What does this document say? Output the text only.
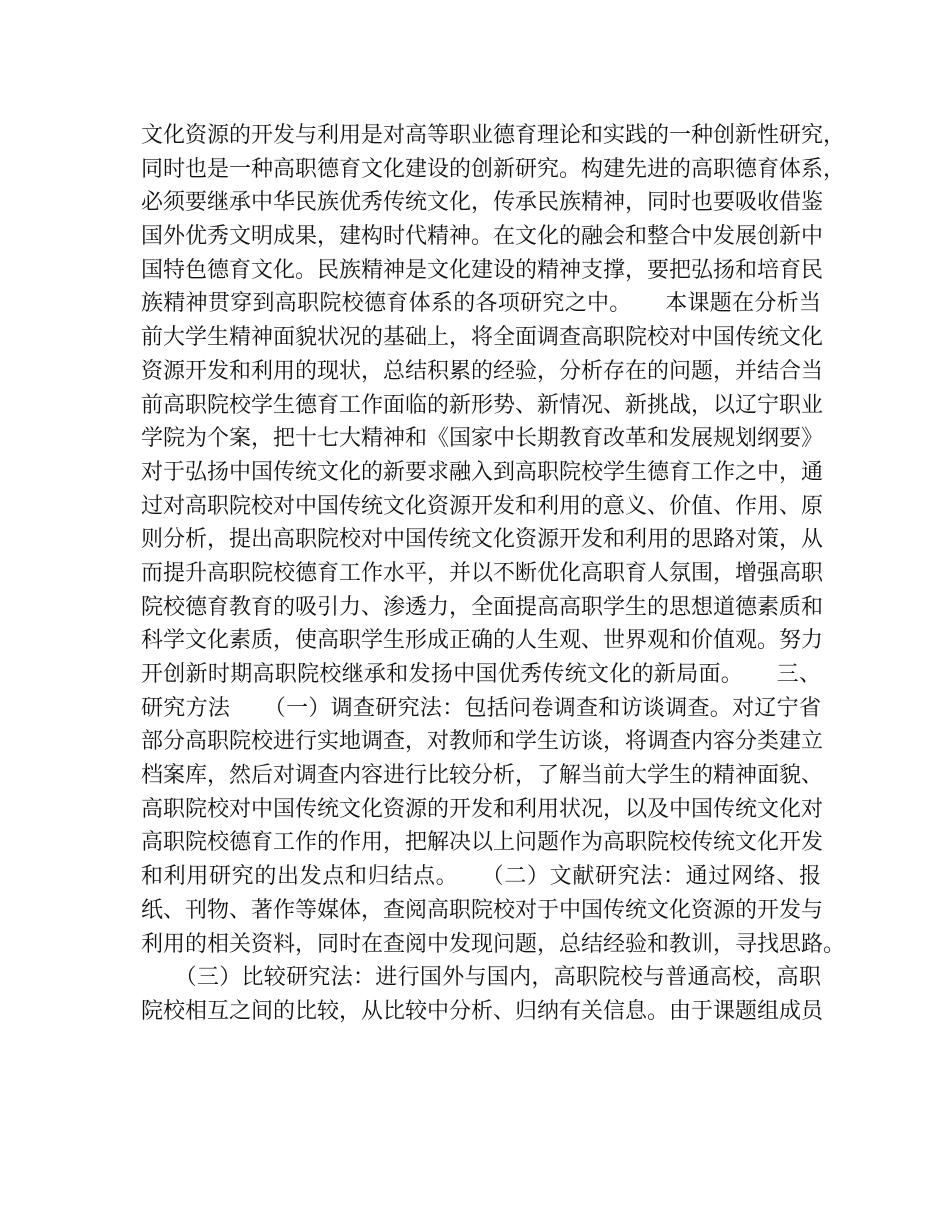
文化资源的开发与利用是对高等职业德育理论和实践的一种创新性研究，
同时也是一种高职德育文化建设的创新研究。构建先进的高职德育体系，
必须要继承中华民族优秀传统文化，传承民族精神，同时也要吸收借鉴
国外优秀文明成果，建构时代精神。在文化的融会和整合中发展创新中
国特色德育文化。民族精神是文化建设的精神支撑，要把弘扬和培育民
族精神贯穿到高职院校德育体系的各项研究之中。　　本课题在分析当
前大学生精神面貌状况的基础上，将全面调查高职院校对中国传统文化
资源开发和利用的现状，总结积累的经验，分析存在的问题，并结合当
前高职院校学生德育工作面临的新形势、新情况、新挑战，以辽宁职业
学院为个案，把十七大精神和《国家中长期教育改革和发展规划纲要》
对于弘扬中国传统文化的新要求融入到高职院校学生德育工作之中，通
过对高职院校对中国传统文化资源开发和利用的意义、价值、作用、原
则分析，提出高职院校对中国传统文化资源开发和利用的思路对策，从
而提升高职院校德育工作水平，并以不断优化高职育人氛围，增强高职
院校德育教育的吸引力、渗透力，全面提高高职学生的思想道德素质和
科学文化素质，使高职学生形成正确的人生观、世界观和价值观。努力
开创新时期高职院校继承和发扬中国优秀传统文化的新局面。　　三、
研究方法　　（一）调查研究法：包括问卷调查和访谈调查。对辽宁省
部分高职院校进行实地调查，对教师和学生访谈，将调查内容分类建立
档案库，然后对调查内容进行比较分析，了解当前大学生的精神面貌、
高职院校对中国传统文化资源的开发和利用状况，以及中国传统文化对
高职院校德育工作的作用，把解决以上问题作为高职院校传统文化开发
和利用研究的出发点和归结点。　　（二）文献研究法：通过网络、报
纸、刊物、著作等媒体，查阅高职院校对于中国传统文化资源的开发与
利用的相关资料，同时在查阅中发现问题，总结经验和教训，寻找思路。
　　（三）比较研究法：进行国外与国内，高职院校与普通高校，高职
院校相互之间的比较，从比较中分析、归纳有关信息。由于课题组成员
